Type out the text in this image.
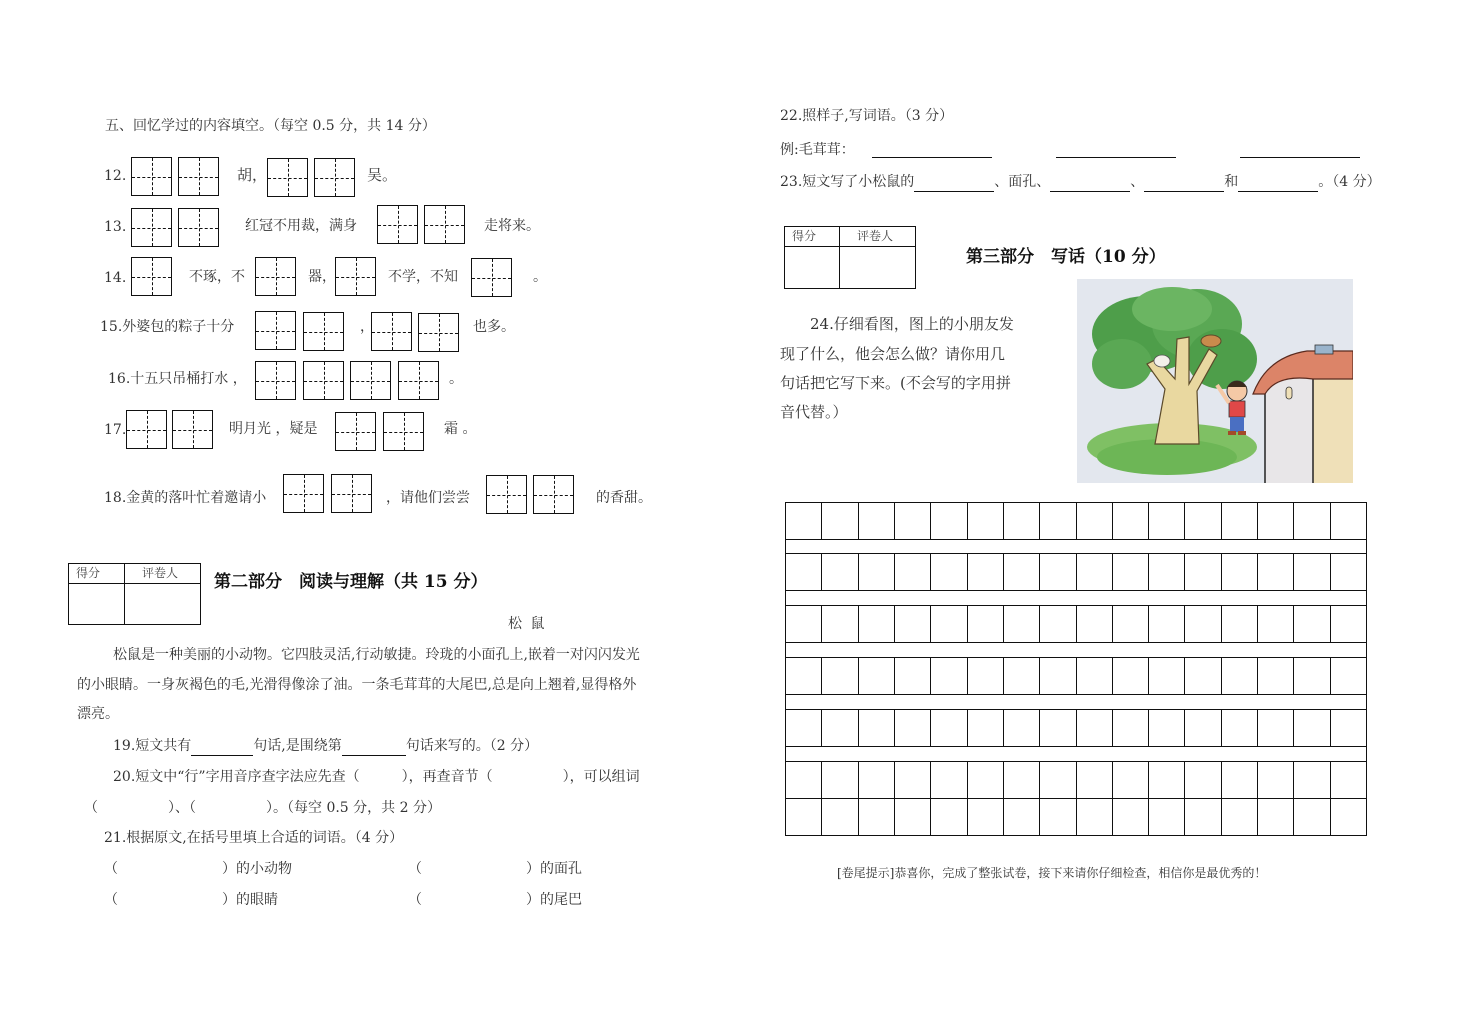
五、回忆学过的内容填空。（每空 0.5 分，共 14 分）
12.	胡，	吴。
13.	红冠不用裁，满身	走将来。
14.	不琢，不	器，	不学，不知	。
15.外婆包的粽子十分	，	也多。
16.十五只吊桶打水 ，	。
17.	明月光 ，疑是	霜 。
18.金黄的落叶忙着邀请小	，请他们尝尝	的香甜。
得分	评卷人 第二部分　阅读与理解（共 15 分）
松 鼠
松鼠是一种美丽的小动物。它四肢灵活,行动敏捷。玲珑的小面孔上,嵌着一对闪闪发光
的小眼睛。一身灰褐色的毛,光滑得像涂了油。一条毛茸茸的大尾巴,总是向上翘着,显得格外
漂亮。
19.短文共有	句话,是围绕第	句话来写的。（2 分）
20.短文中“行”字用音序查字法应先查（　　　），再查音节（　　　　　），可以组词
（　　　　　）、（　　　　　）。（每空 0.5 分，共 2 分）
21.根据原文,在括号里填上合适的词语。（4 分）
（	）的小动物	（	）的面孔
（	）的眼睛	（	）的尾巴
22.照样子,写词语。（3 分）
例:毛茸茸：
23.短文写了小松鼠的	、面孔、	、	和	。（4 分）
得分	评卷人
第三部分　写话（10 分）
24.仔细看图，图上的小朋友发
现了什么，他会怎么做？请你用几
句话把它写下来。(不会写的字用拼
音代替。）
[卷尾提示]恭喜你，完成了整张试卷，接下来请你仔细检查，相信你是最优秀的！
